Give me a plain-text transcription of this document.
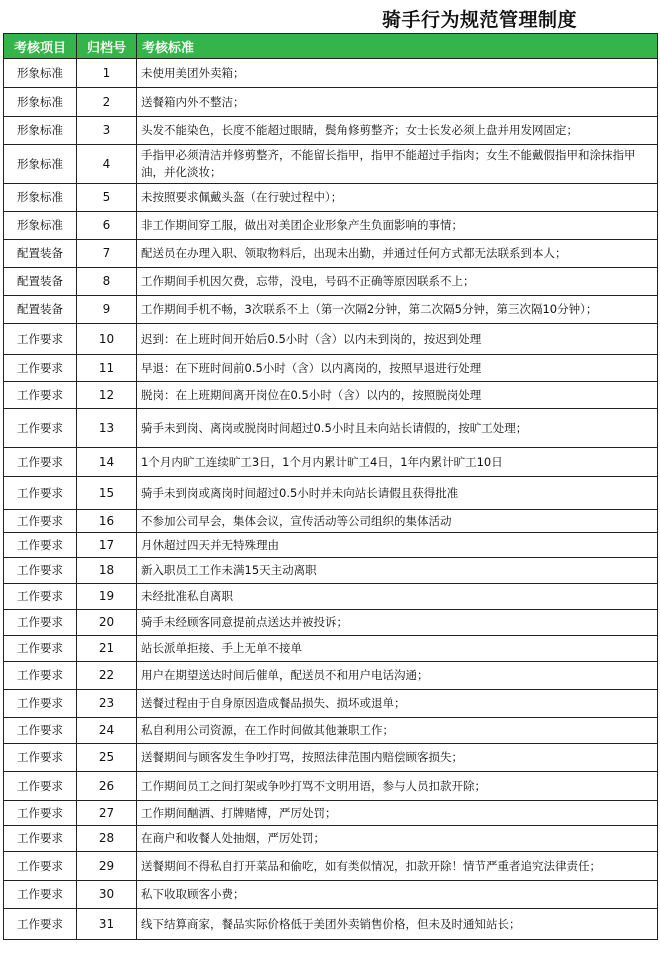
骑手行为规范管理制度
考核项目	归档号	考核标准
形象标准	1	未使用美团外卖箱；
形象标准	2	送餐箱内外不整洁；
形象标准	3	头发不能染色，长度不能超过眼睛，鬓角修剪整齐；女士长发必须上盘并用发网固定；
形象标准	4	手指甲必须清洁并修剪整齐，不能留长指甲，指甲不能超过手指肉；女生不能戴假指甲和涂抹指甲油，并化淡妆；
形象标准	5	未按照要求佩戴头盔（在行驶过程中）；
形象标准	6	非工作期间穿工服，做出对美团企业形象产生负面影响的事情；
配置装备	7	配送员在办理入职、领取物料后，出现未出勤，并通过任何方式都无法联系到本人；
配置装备	8	工作期间手机因欠费，忘带，没电，号码不正确等原因联系不上；
配置装备	9	工作期间手机不畅，3次联系不上（第一次隔2分钟，第二次隔5分钟，第三次隔10分钟）；
工作要求	10	迟到：在上班时间开始后0.5小时（含）以内未到岗的，按迟到处理
工作要求	11	早退：在下班时间前0.5小时（含）以内离岗的，按照早退进行处理
工作要求	12	脱岗：在上班期间离开岗位在0.5小时（含）以内的，按照脱岗处理
工作要求	13	骑手未到岗、离岗或脱岗时间超过0.5小时且未向站长请假的，按旷工处理；
工作要求	14	1个月内旷工连续旷工3日，1个月内累计旷工4日，1年内累计旷工10日
工作要求	15	骑手未到岗或离岗时间超过0.5小时并未向站长请假且获得批准
工作要求	16	不参加公司早会，集体会议，宣传活动等公司组织的集体活动
工作要求	17	月休超过四天并无特殊理由
工作要求	18	新入职员工工作未满15天主动离职
工作要求	19	未经批准私自离职
工作要求	20	骑手未经顾客同意提前点送达并被投诉；
工作要求	21	站长派单拒接、手上无单不接单
工作要求	22	用户在期望送达时间后催单，配送员不和用户电话沟通；
工作要求	23	送餐过程由于自身原因造成餐品损失、损坏或退单；
工作要求	24	私自利用公司资源，在工作时间做其他兼职工作；
工作要求	25	送餐期间与顾客发生争吵打骂，按照法律范围内赔偿顾客损失；
工作要求	26	工作期间员工之间打架或争吵打骂不文明用语，参与人员扣款开除；
工作要求	27	工作期间酗酒、打牌赌博，严厉处罚；
工作要求	28	在商户和收餐人处抽烟，严厉处罚；
工作要求	29	送餐期间不得私自打开菜品和偷吃，如有类似情况，扣款开除！情节严重者追究法律责任；
工作要求	30	私下收取顾客小费；
工作要求	31	线下结算商家，餐品实际价格低于美团外卖销售价格，但未及时通知站长；
